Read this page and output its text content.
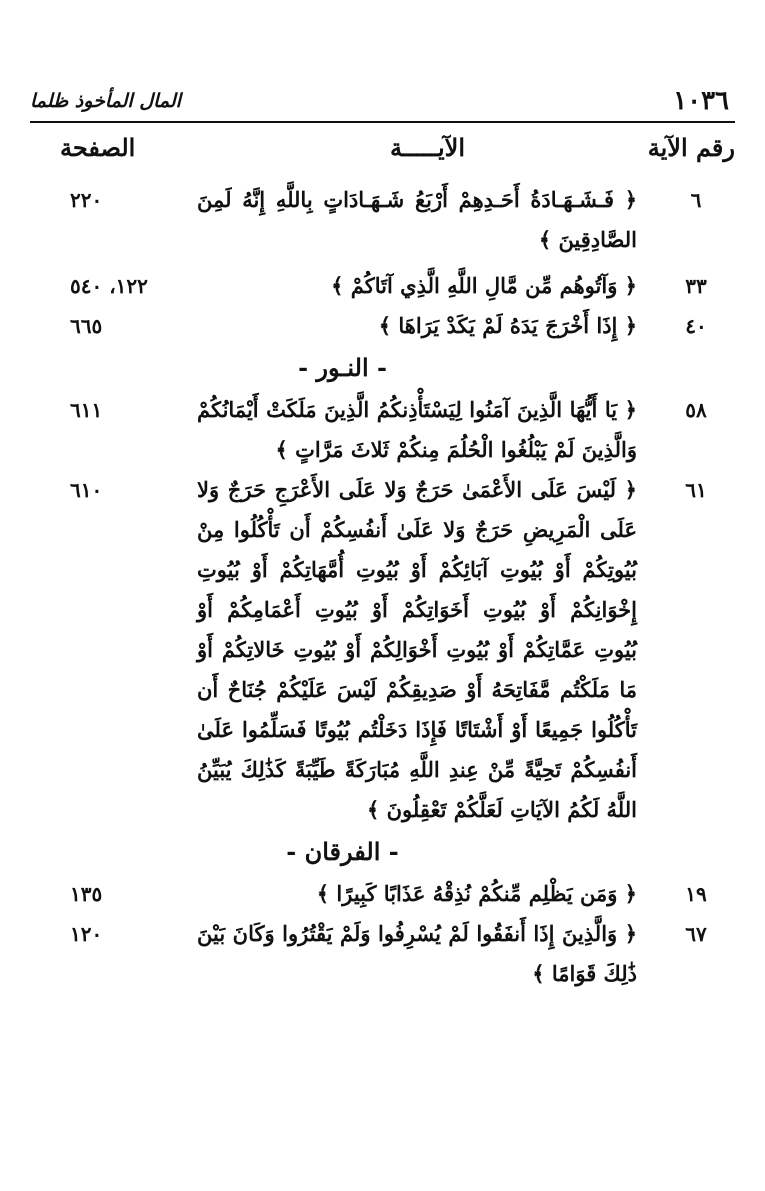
١٠٣٦
المال المأخوذ ظلما
رقم الآية
الآيـــــة
الصفحة
٦
﴿ فَـشَـهَـادَةُ أَحَـدِهِمْ أَرْبَعُ شَـهَـادَاتٍ بِاللَّهِ إِنَّهُ لَمِنَ الصَّادِقِينَ ﴾
٢٢٠
٣٣
﴿ وَآتُوهُم مِّن مَّالِ اللَّهِ الَّذِي آتَاكُمْ ﴾
١٢٢، ٥٤٠
٤٠
﴿ إِذَا أَخْرَجَ يَدَهُ لَمْ يَكَدْ يَرَاهَا ﴾
٦٦٥
- النـور -
٥٨
﴿ يَا أَيُّهَا الَّذِينَ آمَنُوا لِيَسْتَأْذِنكُمُ الَّذِينَ مَلَكَتْ أَيْمَانُكُمْ وَالَّذِينَ لَمْ يَبْلُغُوا الْحُلُمَ مِنكُمْ ثَلاثَ مَرَّاتٍ ﴾
٦١١
٦١
﴿ لَيْسَ عَلَى الأَعْمَىٰ حَرَجٌ وَلا عَلَى الأَعْرَجِ حَرَجٌ وَلا عَلَى الْمَرِيضِ حَرَجٌ وَلا عَلَىٰ أَنفُسِكُمْ أَن تَأْكُلُوا مِنْ بُيُوتِكُمْ أَوْ بُيُوتِ آبَائِكُمْ أَوْ بُيُوتِ أُمَّهَاتِكُمْ أَوْ بُيُوتِ إِخْوَانِكُمْ أَوْ بُيُوتِ أَخَوَاتِكُمْ أَوْ بُيُوتِ أَعْمَامِكُمْ أَوْ بُيُوتِ عَمَّاتِكُمْ أَوْ بُيُوتِ أَخْوَالِكُمْ أَوْ بُيُوتِ خَالاتِكُمْ أَوْ مَا مَلَكْتُم مَّفَاتِحَهُ أَوْ صَدِيقِكُمْ لَيْسَ عَلَيْكُمْ جُنَاحٌ أَن تَأْكُلُوا جَمِيعًا أَوْ أَشْتَاتًا فَإِذَا دَخَلْتُم بُيُوتًا فَسَلِّمُوا عَلَىٰ أَنفُسِكُمْ تَحِيَّةً مِّنْ عِندِ اللَّهِ مُبَارَكَةً طَيِّبَةً كَذَٰلِكَ يُبَيِّنُ اللَّهُ لَكُمُ الآيَاتِ لَعَلَّكُمْ تَعْقِلُونَ ﴾
٦١٠
- الفرقان -
١٩
﴿ وَمَن يَظْلِم مِّنكُمْ نُذِقْهُ عَذَابًا كَبِيرًا ﴾
١٣٥
٦٧
﴿ وَالَّذِينَ إِذَا أَنفَقُوا لَمْ يُسْرِفُوا وَلَمْ يَقْتُرُوا وَكَانَ بَيْنَ ذَٰلِكَ قَوَامًا ﴾
١٢٠
